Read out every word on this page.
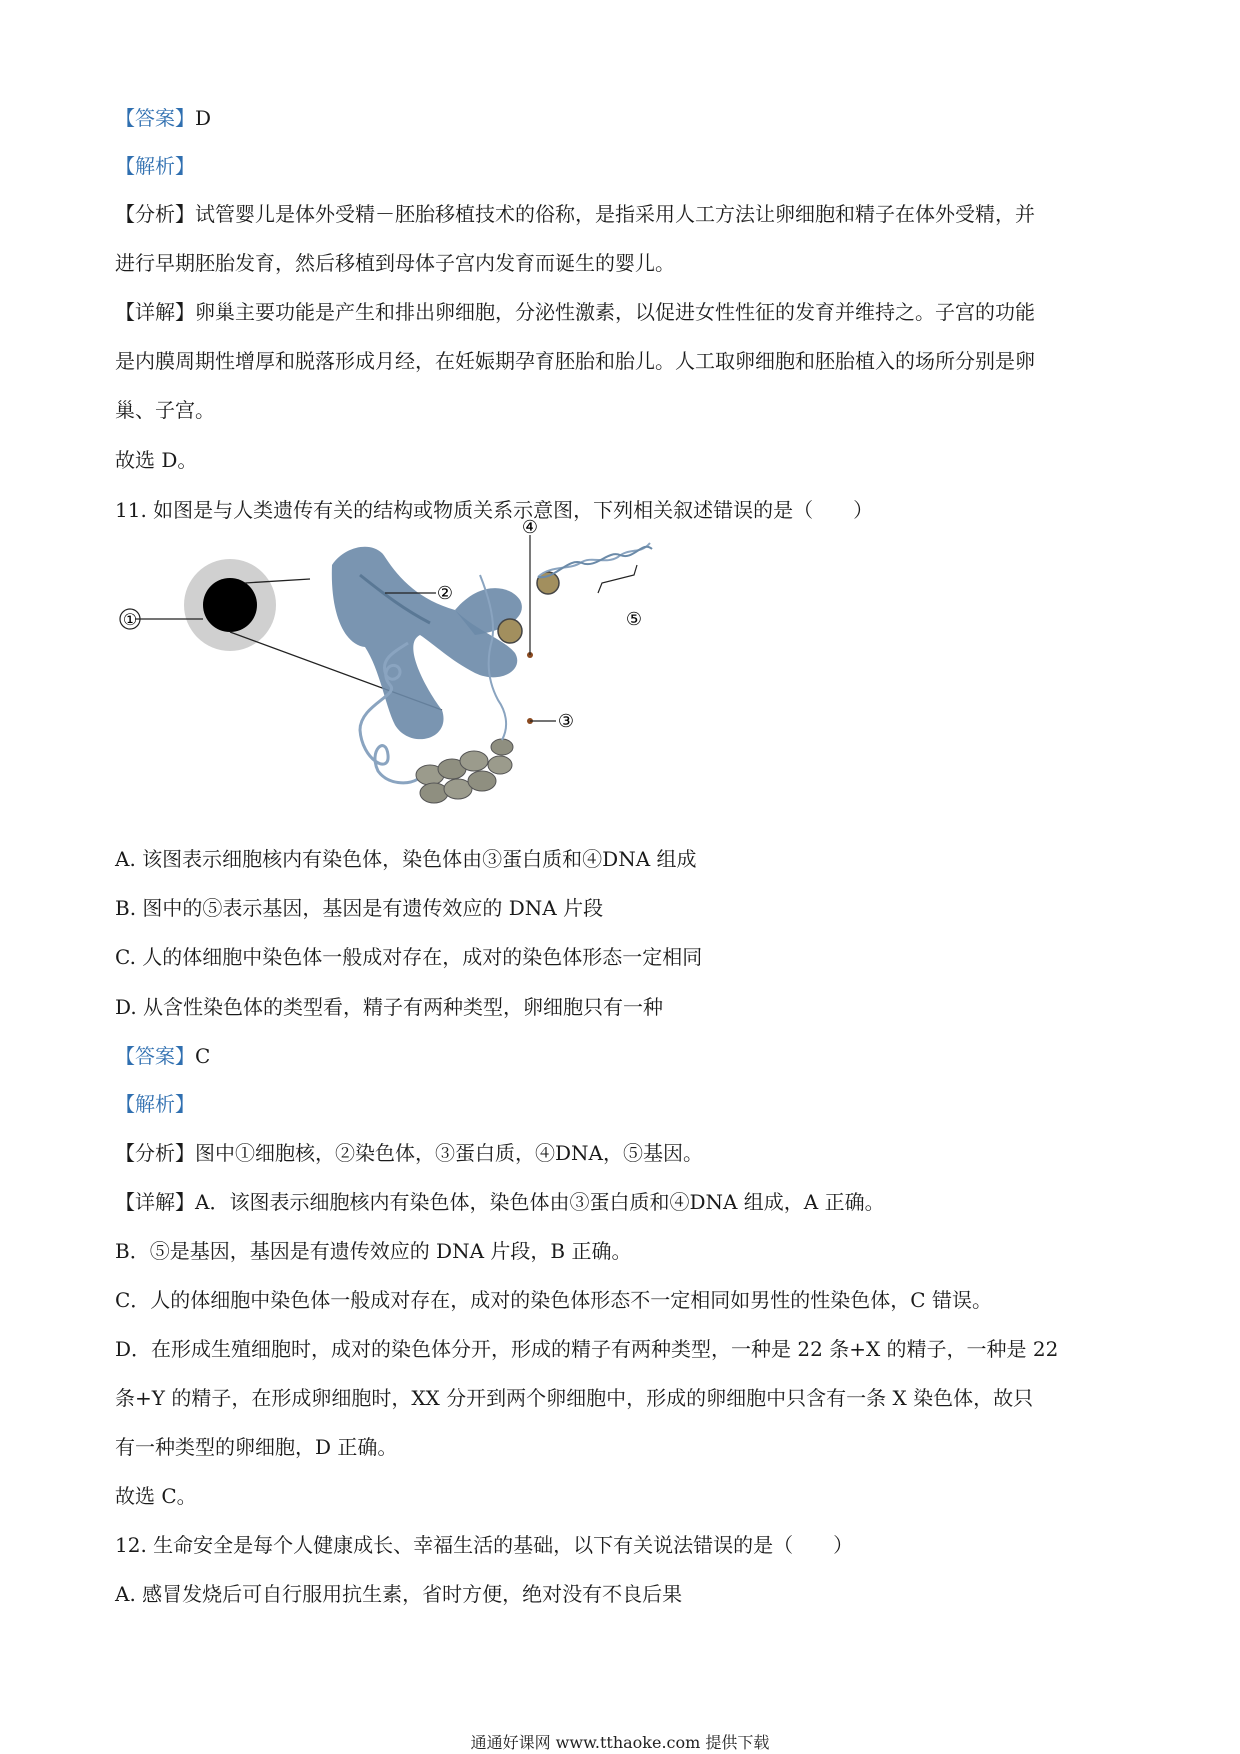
【答案】D
【解析】
【分析】试管婴儿是体外受精－胚胎移植技术的俗称，是指采用人工方法让卵细胞和精子在体外受精，并
进行早期胚胎发育，然后移植到母体子宫内发育而诞生的婴儿。
【详解】卵巢主要功能是产生和排出卵细胞，分泌性激素，以促进女性性征的发育并维持之。子宫的功能
是内膜周期性增厚和脱落形成月经，在妊娠期孕育胚胎和胎儿。人工取卵细胞和胚胎植入的场所分别是卵
巢、子宫。
故选 D。
11. 如图是与人类遗传有关的结构或物质关系示意图，下列相关叙述错误的是（　　）
①
②
③
④
⑤
A. 该图表示细胞核内有染色体，染色体由③蛋白质和④DNA 组成
B. 图中的⑤表示基因，基因是有遗传效应的 DNA 片段
C. 人的体细胞中染色体一般成对存在，成对的染色体形态一定相同
D. 从含性染色体的类型看，精子有两种类型，卵细胞只有一种
【答案】C
【解析】
【分析】图中①细胞核，②染色体，③蛋白质，④DNA，⑤基因。
【详解】A．该图表示细胞核内有染色体，染色体由③蛋白质和④DNA 组成，A 正确。
B．⑤是基因，基因是有遗传效应的 DNA 片段，B 正确。
C．人的体细胞中染色体一般成对存在，成对的染色体形态不一定相同如男性的性染色体，C 错误。
D．在形成生殖细胞时，成对的染色体分开，形成的精子有两种类型，一种是 22 条+X 的精子，一种是 22
条+Y 的精子，在形成卵细胞时，XX 分开到两个卵细胞中，形成的卵细胞中只含有一条 X 染色体，故只
有一种类型的卵细胞，D 正确。
故选 C。
12. 生命安全是每个人健康成长、幸福生活的基础，以下有关说法错误的是（　　）
A. 感冒发烧后可自行服用抗生素，省时方便，绝对没有不良后果
通通好课网 www.tthaoke.com 提供下载
